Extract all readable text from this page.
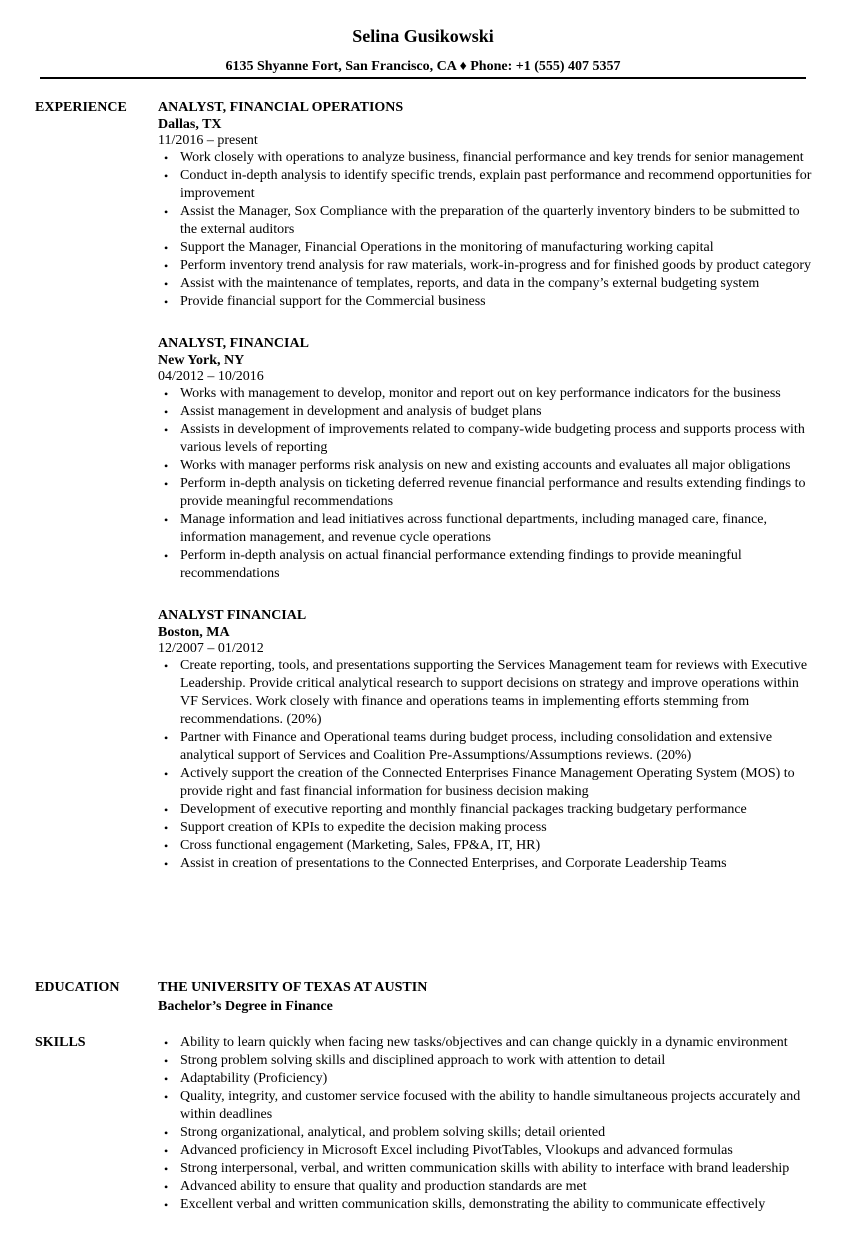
Selina Gusikowski
6135 Shyanne Fort, San Francisco, CA ♦ Phone: +1 (555) 407 5357
EXPERIENCE ANALYST, FINANCIAL OPERATIONS
Dallas, TX
11/2016 – present
• Work closely with operations to analyze business, financial performance and key trends for senior management
• Conduct in-depth analysis to identify specific trends, explain past performance and recommend opportunities for improvement
• Assist the Manager, Sox Compliance with the preparation of the quarterly inventory binders to be submitted to the external auditors
• Support the Manager, Financial Operations in the monitoring of manufacturing working capital
• Perform inventory trend analysis for raw materials, work-in-progress and for finished goods by product category
• Assist with the maintenance of templates, reports, and data in the company’s external budgeting system
• Provide financial support for the Commercial business
ANALYST, FINANCIAL
New York, NY
04/2012 – 10/2016
• Works with management to develop, monitor and report out on key performance indicators for the business
• Assist management in development and analysis of budget plans
• Assists in development of improvements related to company-wide budgeting process and supports process with various levels of reporting
• Works with manager performs risk analysis on new and existing accounts and evaluates all major obligations
• Perform in-depth analysis on ticketing deferred revenue financial performance and results extending findings to provide meaningful recommendations
• Manage information and lead initiatives across functional departments, including managed care, finance, information management, and revenue cycle operations
• Perform in-depth analysis on actual financial performance extending findings to provide meaningful recommendations
ANALYST FINANCIAL
Boston, MA
12/2007 – 01/2012
• Create reporting, tools, and presentations supporting the Services Management team for reviews with Executive Leadership. Provide critical analytical research to support decisions on strategy and improve operations within VF Services. Work closely with finance and operations teams in implementing efforts stemming from recommendations. (20%)
• Partner with Finance and Operational teams during budget process, including consolidation and extensive analytical support of Services and Coalition Pre-Assumptions/Assumptions reviews. (20%)
• Actively support the creation of the Connected Enterprises Finance Management Operating System (MOS) to provide right and fast financial information for business decision making
• Development of executive reporting and monthly financial packages tracking budgetary performance
• Support creation of KPIs to expedite the decision making process
• Cross functional engagement (Marketing, Sales, FP&A, IT, HR)
• Assist in creation of presentations to the Connected Enterprises, and Corporate Leadership Teams
EDUCATION	THE UNIVERSITY OF TEXAS AT AUSTIN
Bachelor’s Degree in Finance
SKILLS	• Ability to learn quickly when facing new tasks/objectives and can change quickly in a dynamic environment
• Strong problem solving skills and disciplined approach to work with attention to detail
• Adaptability (Proficiency)
• Quality, integrity, and customer service focused with the ability to handle simultaneous projects accurately and within deadlines
• Strong organizational, analytical, and problem solving skills; detail oriented
• Advanced proficiency in Microsoft Excel including PivotTables, Vlookups and advanced formulas
• Strong interpersonal, verbal, and written communication skills with ability to interface with brand leadership
• Advanced ability to ensure that quality and production standards are met
• Excellent verbal and written communication skills, demonstrating the ability to communicate effectively
